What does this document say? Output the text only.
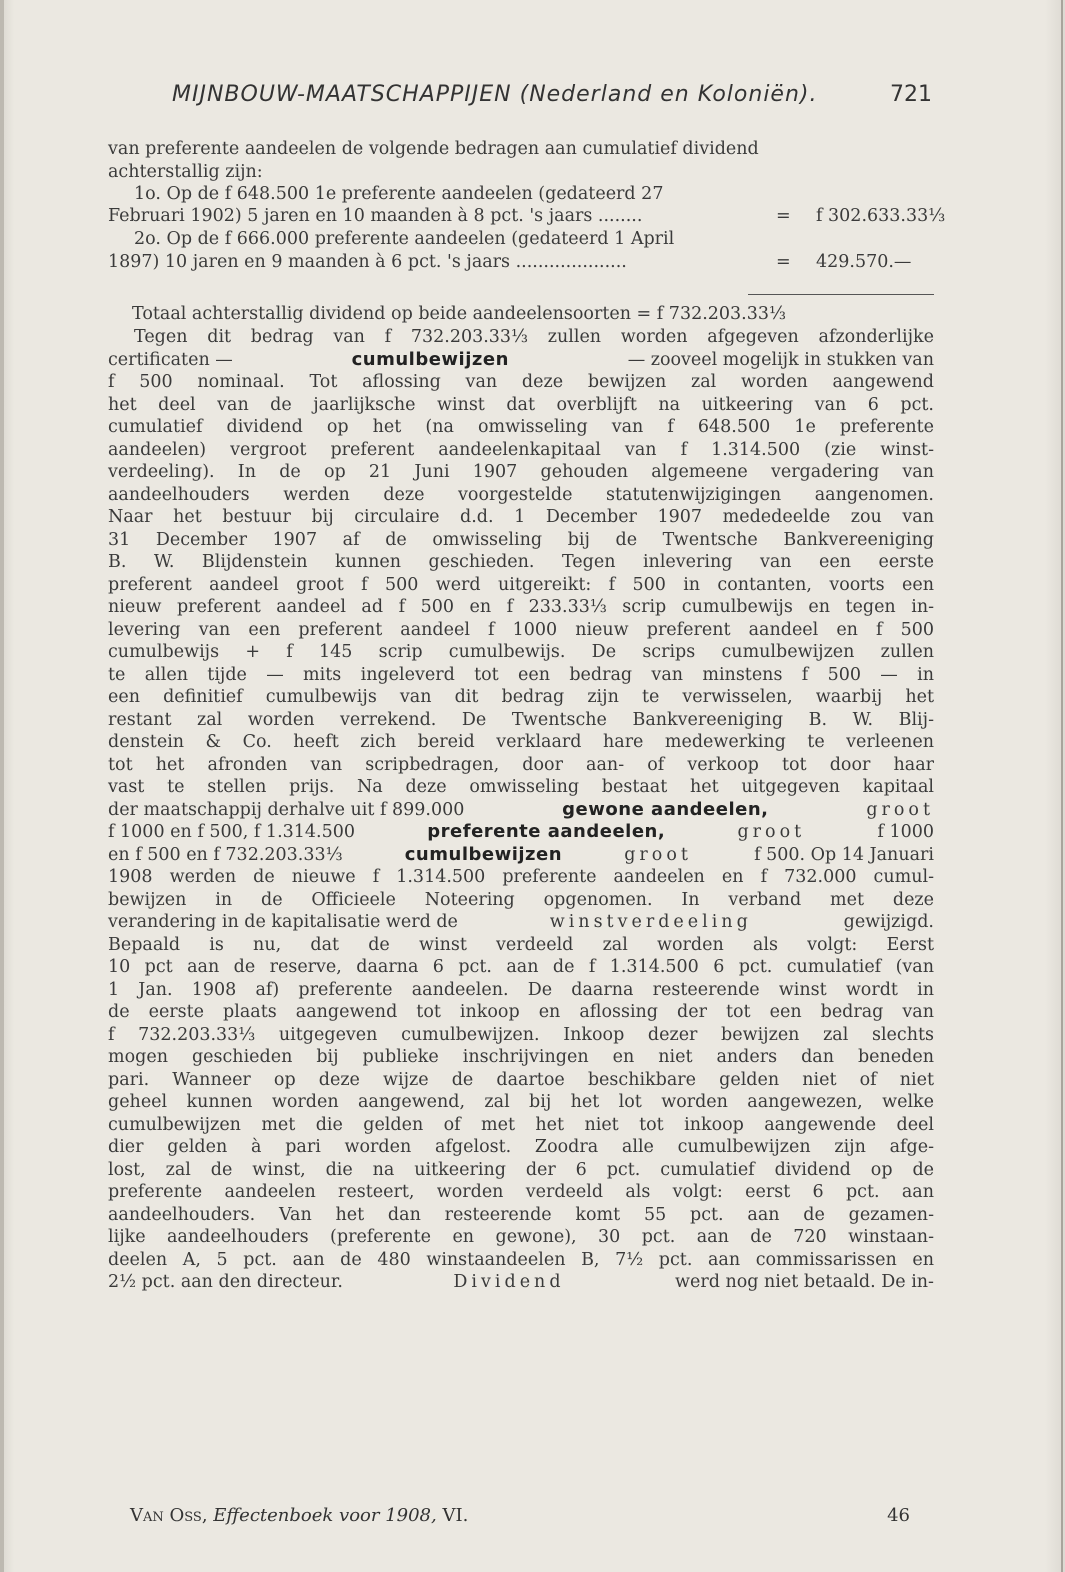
MIJNBOUW-MAATSCHAPPIJEN (Nederland en Koloniën).	721
van preferente aandeelen de volgende bedragen aan cumulatief dividend
achterstallig zijn:
1o. Op de f 648.500 1e preferente aandeelen (gedateerd 27
Februari 1902) 5 jaren en 10 maanden à 8 pct. 's jaars ........	= f 302.633.33⅓
2o. Op de f 666.000 preferente aandeelen (gedateerd 1 April
1897) 10 jaren en 9 maanden à 6 pct. 's jaars ....................	= 429.570.—
Totaal achterstallig dividend op beide aandeelensoorten = f 732.203.33⅓
Tegen dit bedrag van f 732.203.33⅓ zullen worden afgegeven afzonderlijke
certificaten —	cumulbewijzen	— zooveel mogelijk in stukken van
f 500 nominaal. Tot aflossing van deze bewijzen zal worden aangewend
het deel van de jaarlijksche winst dat overblijft na uitkeering van 6 pct.
cumulatief dividend op het (na omwisseling van f 648.500 1e preferente
aandeelen) vergroot preferent aandeelenkapitaal van f 1.314.500 (zie winst-
verdeeling). In de op 21 Juni 1907 gehouden algemeene vergadering van
aandeelhouders werden deze voorgestelde statutenwijzigingen aangenomen.
Naar het bestuur bij circulaire d.d. 1 December 1907 mededeelde zou van
31 December 1907 af de omwisseling bij de Twentsche Bankvereeniging
B. W. Blijdenstein kunnen geschieden. Tegen inlevering van een eerste
preferent aandeel groot f 500 werd uitgereikt: f 500 in contanten, voorts een
nieuw preferent aandeel ad f 500 en f 233.33⅓ scrip cumulbewijs en tegen in-
levering van een preferent aandeel f 1000 nieuw preferent aandeel en f 500
cumulbewijs + f 145 scrip cumulbewijs. De scrips cumulbewijzen zullen
te allen tijde — mits ingeleverd tot een bedrag van minstens f 500 — in
een definitief cumulbewijs van dit bedrag zijn te verwisselen, waarbij het
restant zal worden verrekend. De Twentsche Bankvereeniging B. W. Blij-
denstein & Co. heeft zich bereid verklaard hare medewerking te verleenen
tot het afronden van scripbedragen, door aan- of verkoop tot door haar
vast te stellen prijs. Na deze omwisseling bestaat het uitgegeven kapitaal
der maatschappij derhalve uit f 899.000	gewone aandeelen,	groot
f 1000 en f 500, f 1.314.500	preferente aandeelen,	groot	f 1000
en f 500 en f 732.203.33⅓	cumulbewijzen	groot	f 500. Op 14 Januari
1908 werden de nieuwe f 1.314.500 preferente aandeelen en f 732.000 cumul-
bewijzen in de Officieele Noteering opgenomen. In verband met deze
verandering in de kapitalisatie werd de	winstverdeeling	gewijzigd.
Bepaald is nu, dat de winst verdeeld zal worden als volgt: Eerst
10 pct aan de reserve, daarna 6 pct. aan de f 1.314.500 6 pct. cumulatief (van
1 Jan. 1908 af) preferente aandeelen. De daarna resteerende winst wordt in
de eerste plaats aangewend tot inkoop en aflossing der tot een bedrag van
f 732.203.33⅓ uitgegeven cumulbewijzen. Inkoop dezer bewijzen zal slechts
mogen geschieden bij publieke inschrijvingen en niet anders dan beneden
pari. Wanneer op deze wijze de daartoe beschikbare gelden niet of niet
geheel kunnen worden aangewend, zal bij het lot worden aangewezen, welke
cumulbewijzen met die gelden of met het niet tot inkoop aangewende deel
dier gelden à pari worden afgelost. Zoodra alle cumulbewijzen zijn afge-
lost, zal de winst, die na uitkeering der 6 pct. cumulatief dividend op de
preferente aandeelen resteert, worden verdeeld als volgt: eerst 6 pct. aan
aandeelhouders. Van het dan resteerende komt 55 pct. aan de gezamen-
lijke aandeelhouders (preferente en gewone), 30 pct. aan de 720 winstaan-
deelen A, 5 pct. aan de 480 winstaandeelen B, 7½ pct. aan commissarissen en
2½ pct. aan den directeur.	Dividend	werd nog niet betaald. De in-
Van Oss, Effectenboek voor 1908, VI.	46
